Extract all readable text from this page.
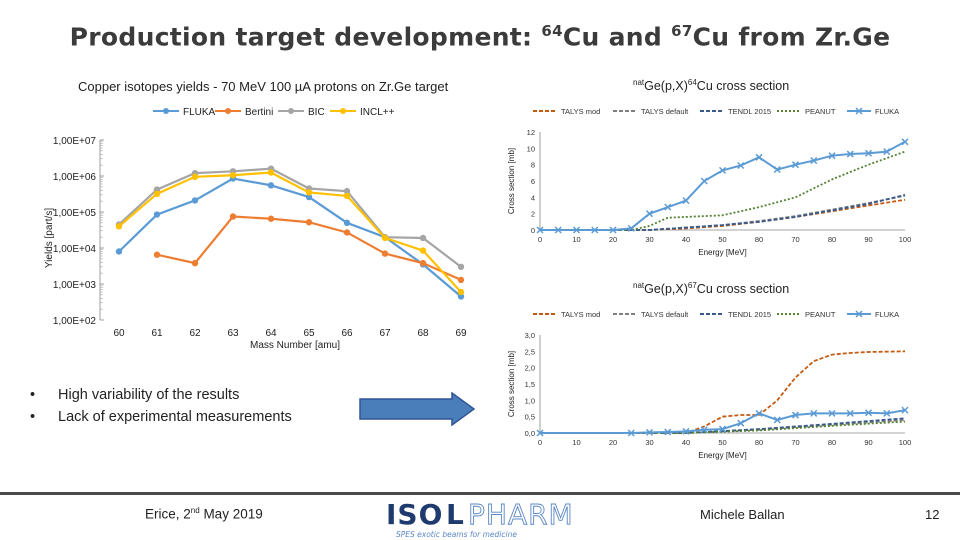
Production target development: $^{64}$Cu and $^{67}$Cu from Zr.Ge
Copper isotopes yields - 70 MeV 100 µA protons on Zr.Ge target	$^{nat}Ge(p,X)^{64}Cu$ cross section
$^{nat}Ge(p,X)^{67}Cu$ cross section
FLUKA	Bertini	BIC	INCL++
1,00E+02
1,00E+03
1,00E+04
1,00E+05
1,00E+06
1,00E+07
60	61	62	63	64	65	66	67	68	69
Mass Number [amu]
Yields [part/s]
TALYS mod	TALYS default	TENDL 2015	PEANUT	FLUKA
0
2
4
6
8
10
12
0	10	20	30	40	50	80	70	80	90	100
Energy [MeV]
Cross section [mb]
TALYS mod	TALYS default	TENDL 2015	PEANUT	FLUKA
0,0
0,5
1,0
1,5
2,0
2,5
3,0
0	10	20	30	40	50	80	70	80	90	100
Energy [MeV]
Cross section [mb]
• High variability of the results
• Lack of experimental measurements
Erice, 2nd May 2019	ISO L PHARM
SPES exotic beams for medicine
Michele Ballan	12
